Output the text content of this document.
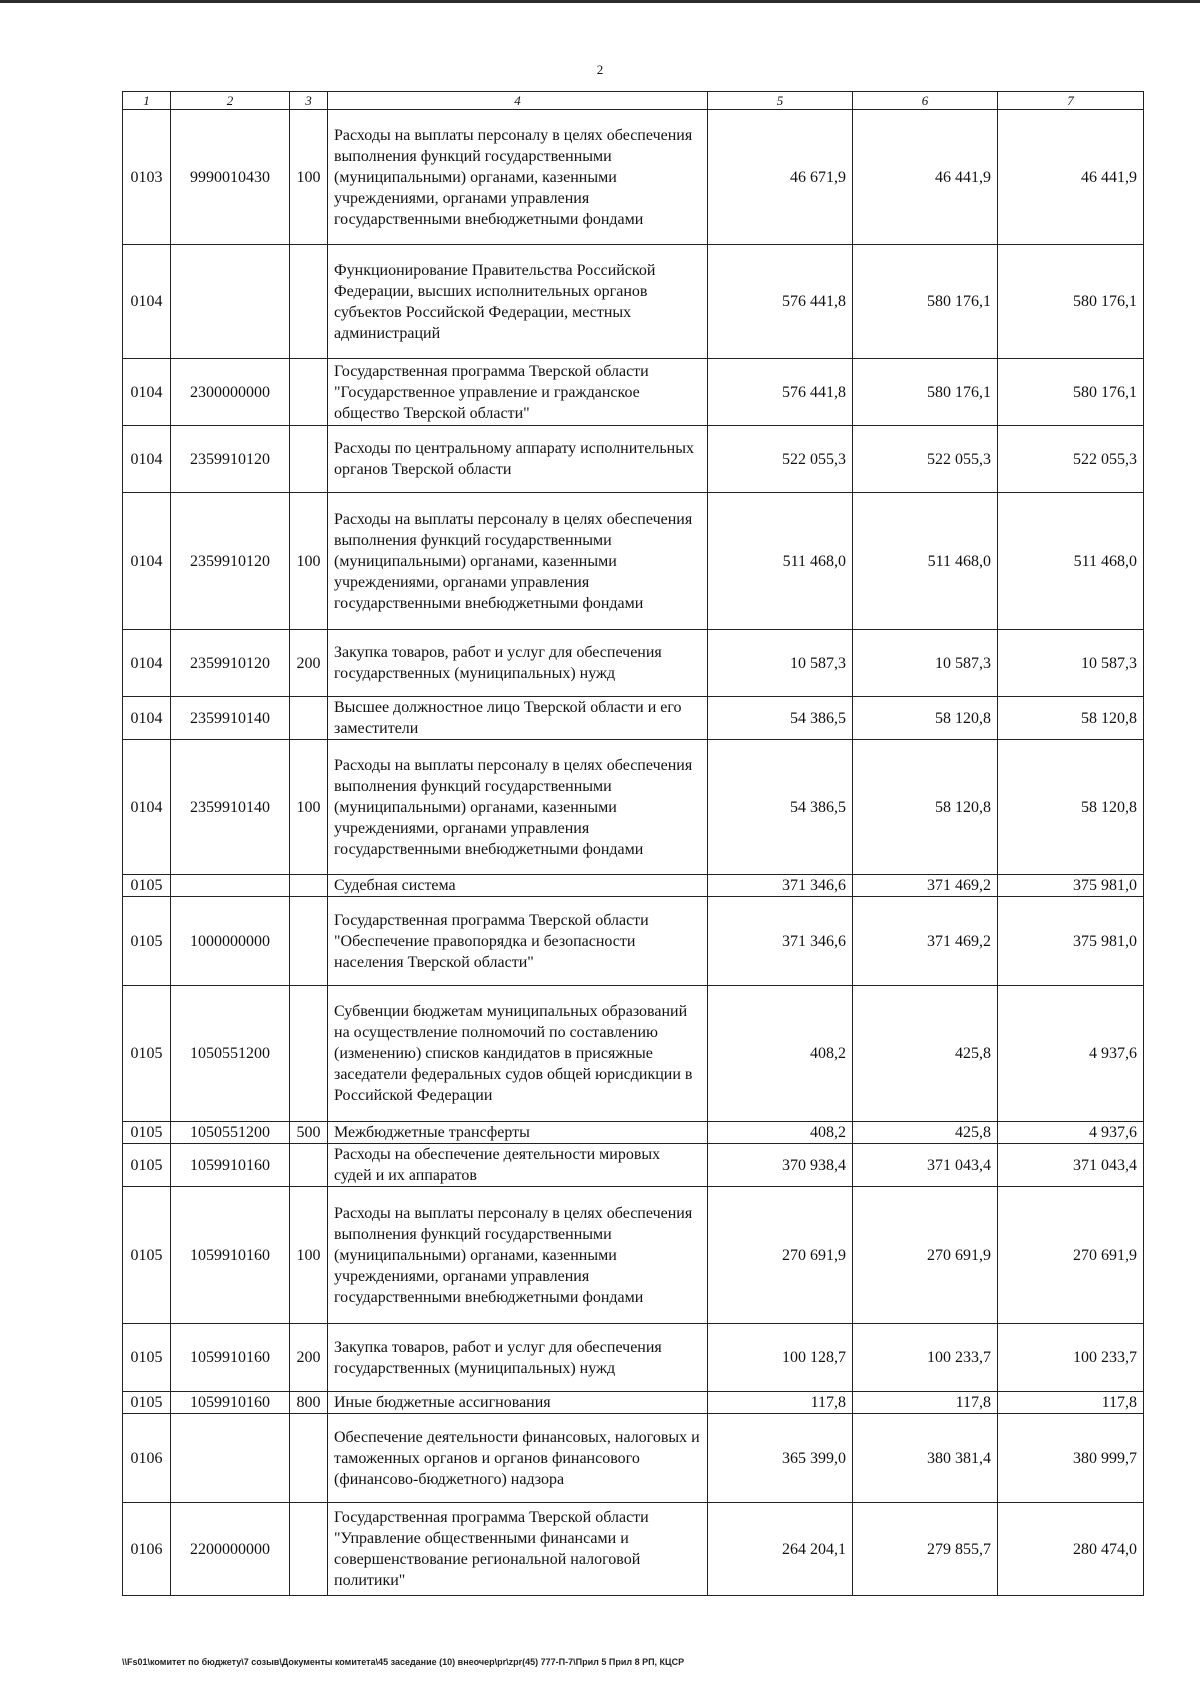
2
1	2	3	4	5	6	7
0103	9990010430	100	Расходы на выплаты персоналу в целях обеспечения выполнения функций государственными (муниципальными) органами, казенными учреждениями, органами управления государственными внебюджетными фондами	46 671,9	46 441,9	46 441,9
0104			Функционирование Правительства Российской Федерации, высших исполнительных органов субъектов Российской Федерации, местных администраций	576 441,8	580 176,1	580 176,1
0104	2300000000		Государственная программа Тверской области "Государственное управление и гражданское общество Тверской области"	576 441,8	580 176,1	580 176,1
0104	2359910120		Расходы по центральному аппарату исполнительных органов Тверской области	522 055,3	522 055,3	522 055,3
0104	2359910120	100	Расходы на выплаты персоналу в целях обеспечения выполнения функций государственными (муниципальными) органами, казенными учреждениями, органами управления государственными внебюджетными фондами	511 468,0	511 468,0	511 468,0
0104	2359910120	200	Закупка товаров, работ и услуг для обеспечения государственных (муниципальных) нужд	10 587,3	10 587,3	10 587,3
0104	2359910140		Высшее должностное лицо Тверской области и его заместители	54 386,5	58 120,8	58 120,8
0104	2359910140	100	Расходы на выплаты персоналу в целях обеспечения выполнения функций государственными (муниципальными) органами, казенными учреждениями, органами управления государственными внебюджетными фондами	54 386,5	58 120,8	58 120,8
0105			Судебная система	371 346,6	371 469,2	375 981,0
0105	1000000000		Государственная программа Тверской области "Обеспечение правопорядка и безопасности населения Тверской области"	371 346,6	371 469,2	375 981,0
0105	1050551200		Субвенции бюджетам муниципальных образований на осуществление полномочий по составлению (изменению) списков кандидатов в присяжные заседатели федеральных судов общей юрисдикции в Российской Федерации	408,2	425,8	4 937,6
0105	1050551200	500	Межбюджетные трансферты	408,2	425,8	4 937,6
0105	1059910160		Расходы на обеспечение деятельности мировых судей и их аппаратов	370 938,4	371 043,4	371 043,4
0105	1059910160	100	Расходы на выплаты персоналу в целях обеспечения выполнения функций государственными (муниципальными) органами, казенными учреждениями, органами управления государственными внебюджетными фондами	270 691,9	270 691,9	270 691,9
0105	1059910160	200	Закупка товаров, работ и услуг для обеспечения государственных (муниципальных) нужд	100 128,7	100 233,7	100 233,7
0105	1059910160	800	Иные бюджетные ассигнования	117,8	117,8	117,8
0106			Обеспечение деятельности финансовых, налоговых и таможенных органов и органов финансового (финансово-бюджетного) надзора	365 399,0	380 381,4	380 999,7
0106	2200000000		Государственная программа Тверской области "Управление общественными финансами и совершенствование региональной налоговой политики"	264 204,1	279 855,7	280 474,0
\\Fs01\комитет по бюджету\7 созыв\Документы комитета\45 заседание (10) внеочер\pr\zpr(45) 777-П-7\Прил 5 Прил 8 РП, КЦСР
